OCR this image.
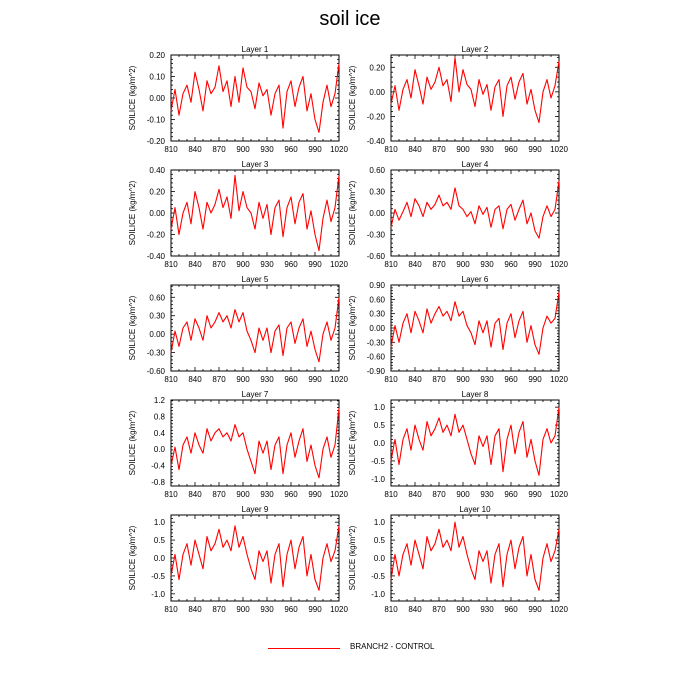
soil ice
Layer 1
810 840 870 900 930 960 990 1020
-0.20
-0.10
0.00
0.10
0.20
SOILICE (kg/m^2)
Layer 2
810 840 870 900 930 960 990 1020
-0.40
-0.20
0.00
0.20
SOILICE (kg/m^2)
Layer 3
810 840 870 900 930 960 990 1020
-0.40
-0.20
0.00
0.20
0.40
SOILICE (kg/m^2)
Layer 4
810 840 870 900 930 960 990 1020
-0.60
-0.30
0.00
0.30
0.60
SOILICE (kg/m^2)
Layer 5
810 840 870 900 930 960 990 1020
-0.60
-0.30
0.00
0.30
0.60
SOILICE (kg/m^2)
Layer 6
810 840 870 900 930 960 990 1020
-0.90
-0.60
-0.30
0.00
0.30
0.60
0.90
SOILICE (kg/m^2)
Layer 7
810 840 870 900 930 960 990 1020
-0.8
-0.4
0.0
0.4
0.8
1.2
SOILICE (kg/m^2)
Layer 8
810 840 870 900 930 960 990 1020
-1.0
-0.5
0.0
0.5
1.0
SOILICE (kg/m^2)
Layer 9
810 840 870 900 930 960 990 1020
-1.0
-0.5
0.0
0.5
1.0
SOILICE (kg/m^2)
Layer 10
810 840 870 900 930 960 990 1020
-1.0
-0.5
0.0
0.5
1.0
SOILICE (kg/m^2)
BRANCH2 - CONTROL
